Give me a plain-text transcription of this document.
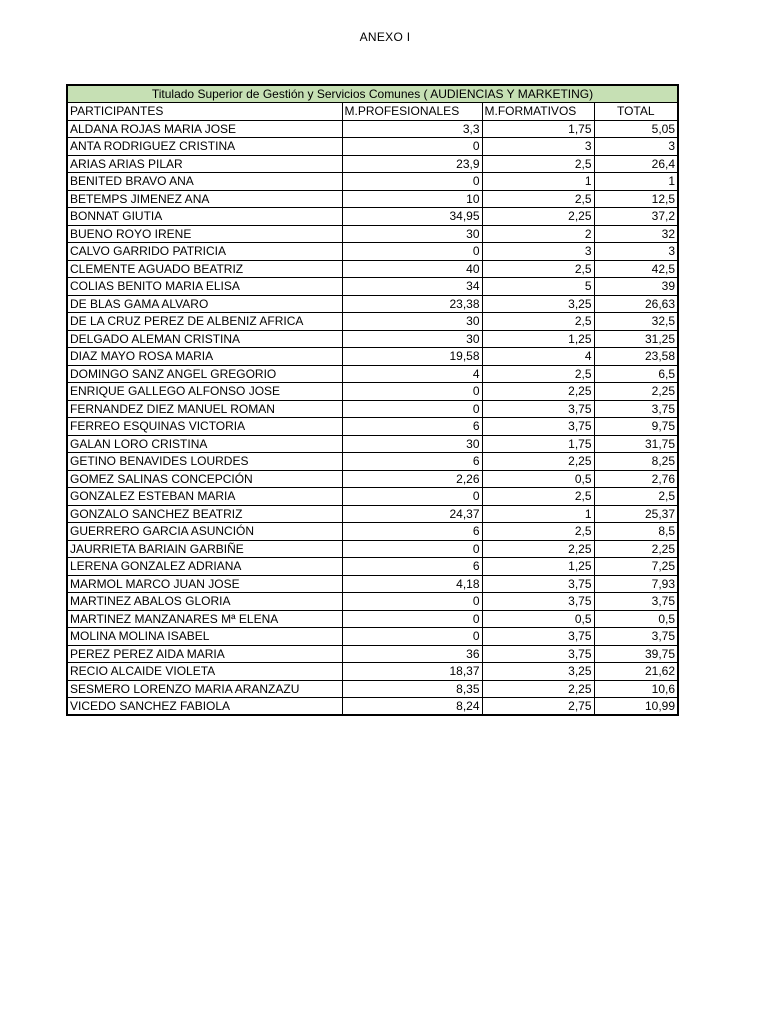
ANEXO I
Titulado Superior de Gestión y Servicios Comunes ( AUDIENCIAS Y MARKETING)			
PARTICIPANTES	M.PROFESIONALES	M.FORMATIVOS	TOTAL
ALDANA ROJAS MARIA JOSE	3,3	1,75	5,05
ANTA RODRIGUEZ CRISTINA	0	3	3
ARIAS ARIAS PILAR	23,9	2,5	26,4
BENITED BRAVO ANA	0	1	1
BETEMPS JIMENEZ ANA	10	2,5	12,5
BONNAT GIUTIA	34,95	2,25	37,2
BUENO ROYO IRENE	30	2	32
CALVO GARRIDO PATRICIA	0	3	3
CLEMENTE AGUADO BEATRIZ	40	2,5	42,5
COLIAS BENITO MARIA ELISA	34	5	39
DE BLAS GAMA ALVARO	23,38	3,25	26,63
DE LA CRUZ PEREZ DE ALBENIZ AFRICA	30	2,5	32,5
DELGADO ALEMAN CRISTINA	30	1,25	31,25
DIAZ MAYO ROSA MARIA	19,58	4	23,58
DOMINGO SANZ ANGEL GREGORIO	4	2,5	6,5
ENRIQUE GALLEGO ALFONSO JOSE	0	2,25	2,25
FERNANDEZ DIEZ MANUEL ROMAN	0	3,75	3,75
FERREO ESQUINAS VICTORIA	6	3,75	9,75
GALAN LORO CRISTINA	30	1,75	31,75
GETINO BENAVIDES LOURDES	6	2,25	8,25
GOMEZ SALINAS CONCEPCIÓN	2,26	0,5	2,76
GONZALEZ ESTEBAN MARIA	0	2,5	2,5
GONZALO SANCHEZ BEATRIZ	24,37	1	25,37
GUERRERO GARCIA ASUNCIÓN	6	2,5	8,5
JAURRIETA BARIAIN GARBIÑE	0	2,25	2,25
LERENA GONZALEZ ADRIANA	6	1,25	7,25
MARMOL MARCO JUAN JOSE	4,18	3,75	7,93
MARTINEZ ABALOS GLORIA	0	3,75	3,75
MARTINEZ MANZANARES Mª ELENA	0	0,5	0,5
MOLINA MOLINA ISABEL	0	3,75	3,75
PEREZ PEREZ AIDA MARIA	36	3,75	39,75
RECIO ALCAIDE VIOLETA	18,37	3,25	21,62
SESMERO LORENZO MARIA ARANZAZU	8,35	2,25	10,6
VICEDO SANCHEZ FABIOLA	8,24	2,75	10,99
